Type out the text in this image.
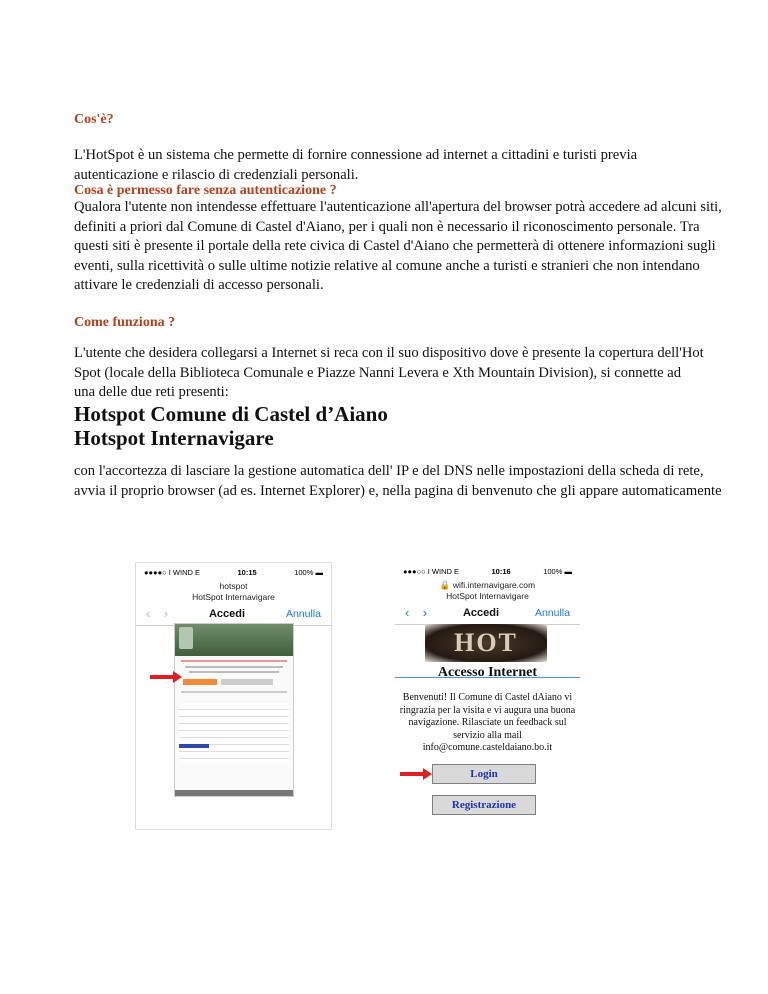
Cos'è?
L'HotSpot è un sistema che permette di fornire connessione ad internet a cittadini e turisti previa autenticazione e rilascio di credenziali personali.
Cosa è permesso fare senza autenticazione ?
Qualora l'utente non intendesse effettuare l'autenticazione all'apertura del browser potrà accedere ad alcuni siti, definiti a priori dal Comune di Castel d'Aiano, per i quali non è necessario il riconoscimento personale. Tra questi siti è presente il portale della rete civica di Castel d'Aiano che permetterà di ottenere informazioni sugli eventi, sulla ricettività o sulle ultime notizie relative al comune anche a turisti e stranieri che non intendano attivare le credenziali di accesso personali.
Come funziona ?
L'utente che desidera collegarsi a Internet si reca con il suo dispositivo dove è presente la copertura dell'Hot Spot (locale della Biblioteca Comunale e Piazze Nanni Levera e Xth Mountain Division), si connette ad una delle due reti presenti:
Hotspot Comune di Castel d’Aiano
Hotspot Internavigare
con l'accortezza di lasciare la gestione automatica dell' IP e del DNS nelle impostazioni della scheda di rete, avvia il proprio browser (ad es. Internet Explorer) e, nella pagina di benvenuto che gli appare automaticamente
●●●●○ I WIND E	10:15	100% ▬
hotspot
HotSpot Internavigare
‹ ›	Accedi	Annulla
●●●○○ I WIND E	10:16	100% ▬
🔒 wifi.internavigare.com
HotSpot Internavigare
‹ ›	Accedi	Annulla
HOT
Accesso Internet
Benvenuti! Il Comune di Castel dAiano vi ringrazia per la visita e vi augura una buona navigazione. Rilasciate un feedback sul servizio alla mail info@comune.casteldaiano.bo.it
Login
Registrazione
